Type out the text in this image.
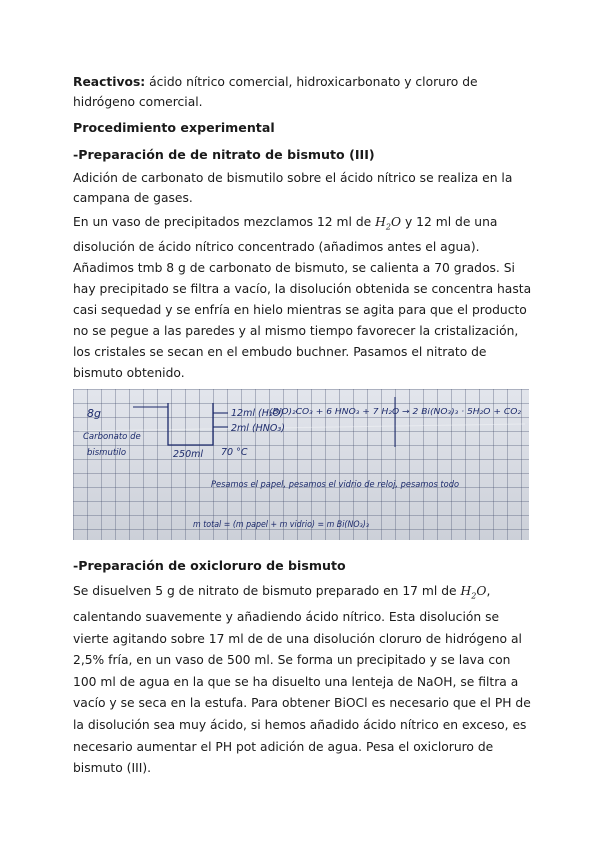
Reactivos: ácido nítrico comercial, hidroxicarbonato y cloruro de hidrógeno comercial.

Procedimiento experimental
-Preparación de de nitrato de bismuto (III)

Adición de carbonato de bismutilo sobre el ácido nítrico se realiza en la campana de gases.

En un vaso de precipitados mezclamos 12 ml de $H_2O$ y 12 ml de una disolución de ácido nítrico concentrado (añadimos antes el agua). Añadimos tmb 8 g de carbonato de bismuto, se calienta a 70 grados. Si hay precipitado se filtra a vacío, la disolución obtenida se concentra hasta casi sequedad y se enfría en hielo mientras se agita para que el producto no se pegue a las paredes y al mismo tiempo favorecer la cristalización, los cristales se secan en el embudo buchner. Pasamos el nitrato de bismuto obtenido.

8g
Carbonato de
bismutilo
12ml (H₂O)
2ml (HNO₃)
250ml 70 °C
(BiO)₂CO₃ + 6 HNO₃ + 7 H₂O → 2 Bi(NO₃)₃ · 5H₂O + CO₂
Pesamos el papel, pesamos el vidrio de reloj, pesamos todo
m total = (m papel + m vidrio) = m Bi(NO₃)₃
-Preparación de oxicloruro de bismuto

Se disuelven 5 g de nitrato de bismuto preparado en 17 ml de $H_2O$, calentando suavemente y añadiendo ácido nítrico. Esta disolución se vierte agitando sobre 17 ml de de una disolución cloruro de hidrógeno al 2,5% fría, en un vaso de 500 ml. Se forma un precipitado y se lava con 100 ml de agua en la que se ha disuelto una lenteja de NaOH, se filtra a vacío y se seca en la estufa. Para obtener BiOCl es necesario que el PH de la disolución sea muy ácido, si hemos añadido ácido nítrico en exceso, es necesario aumentar el PH pot adición de agua. Pesa el oxicloruro de bismuto (III).
